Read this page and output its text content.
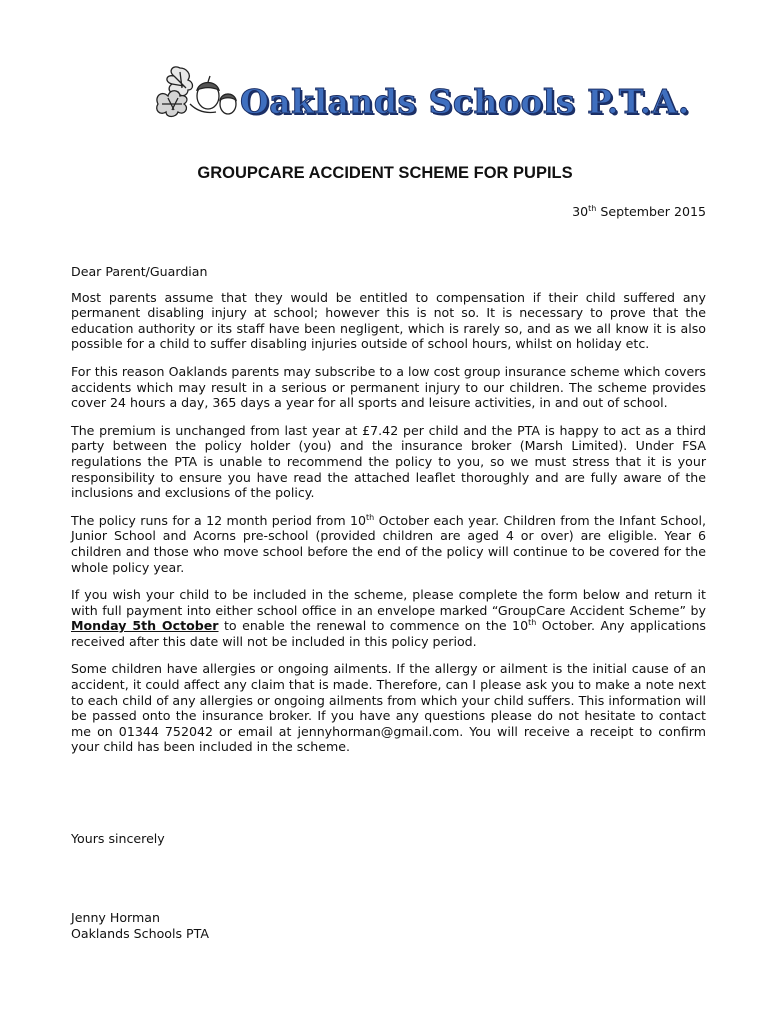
Oaklands Schools P.T.A.
GROUPCARE ACCIDENT SCHEME FOR PUPILS
30th September 2015

Dear Parent/Guardian

Most parents assume that they would be entitled to compensation if their child suffered any permanent disabling injury at school; however this is not so. It is necessary to prove that the education authority or its staff have been negligent, which is rarely so, and as we all know it is also possible for a child to suffer disabling injuries outside of school hours, whilst on holiday etc.

For this reason Oaklands parents may subscribe to a low cost group insurance scheme which covers accidents which may result in a serious or permanent injury to our children. The scheme provides cover 24 hours a day, 365 days a year for all sports and leisure activities, in and out of school.

The premium is unchanged from last year at £7.42 per child and the PTA is happy to act as a third party between the policy holder (you) and the insurance broker (Marsh Limited). Under FSA regulations the PTA is unable to recommend the policy to you, so we must stress that it is your responsibility to ensure you have read the attached leaflet thoroughly and are fully aware of the inclusions and exclusions of the policy.

The policy runs for a 12 month period from 10th October each year. Children from the Infant School, Junior School and Acorns pre-school (provided children are aged 4 or over) are eligible. Year 6 children and those who move school before the end of the policy will continue to be covered for the whole policy year.

If you wish your child to be included in the scheme, please complete the form below and return it with full payment into either school office in an envelope marked “GroupCare Accident Scheme” by Monday 5th October to enable the renewal to commence on the 10th October. Any applications received after this date will not be included in this policy period.

Some children have allergies or ongoing ailments. If the allergy or ailment is the initial cause of an accident, it could affect any claim that is made. Therefore, can I please ask you to make a note next to each child of any allergies or ongoing ailments from which your child suffers. This information will be passed onto the insurance broker. If you have any questions please do not hesitate to contact me on 01344 752042 or email at jennyhorman@gmail.com. You will receive a receipt to confirm your child has been included in the scheme.

Yours sincerely
Jenny Horman
Oaklands Schools PTA
